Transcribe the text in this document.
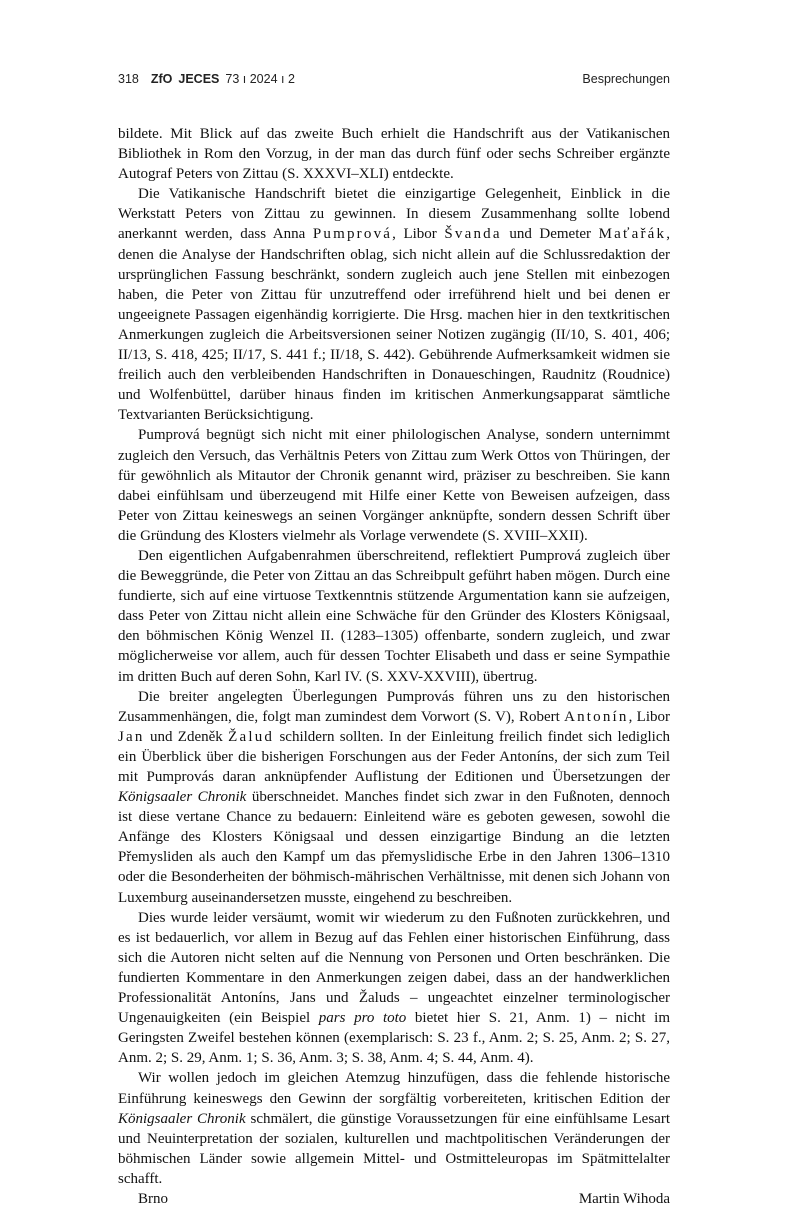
318 ZfO JECES 73 ı 2024 ı 2	Besprechungen

bildete. Mit Blick auf das zweite Buch erhielt die Handschrift aus der Vatikanischen Bibliothek in Rom den Vorzug, in der man das durch fünf oder sechs Schreiber ergänzte Autograf Peters von Zittau (S. XXXVI–XLI) entdeckte.

Die Vatikanische Handschrift bietet die einzigartige Gelegenheit, Einblick in die Werkstatt Peters von Zittau zu gewinnen. In diesem Zusammenhang sollte lobend anerkannt werden, dass Anna Pumprová, Libor Švanda und Demeter Maťařák, denen die Analyse der Handschriften oblag, sich nicht allein auf die Schlussredaktion der ursprünglichen Fassung beschränkt, sondern zugleich auch jene Stellen mit einbezogen haben, die Peter von Zittau für unzutreffend oder irreführend hielt und bei denen er ungeeignete Passagen eigenhändig korrigierte. Die Hrsg. machen hier in den textkritischen Anmerkungen zugleich die Arbeitsversionen seiner Notizen zugängig (II/10, S. 401, 406; II/13, S. 418, 425; II/17, S. 441 f.; II/18, S. 442). Gebührende Aufmerksamkeit widmen sie freilich auch den verbleibenden Handschriften in Donaueschingen, Raudnitz (Roudnice) und Wolfenbüttel, darüber hinaus finden im kritischen Anmerkungsapparat sämtliche Textvarianten Berücksichtigung.

Pumprová begnügt sich nicht mit einer philologischen Analyse, sondern unternimmt zugleich den Versuch, das Verhältnis Peters von Zittau zum Werk Ottos von Thüringen, der für gewöhnlich als Mitautor der Chronik genannt wird, präziser zu beschreiben. Sie kann dabei einfühlsam und überzeugend mit Hilfe einer Kette von Beweisen aufzeigen, dass Peter von Zittau keineswegs an seinen Vorgänger anknüpfte, sondern dessen Schrift über die Gründung des Klosters vielmehr als Vorlage verwendete (S. XVIII–XXII).

Den eigentlichen Aufgabenrahmen überschreitend, reflektiert Pumprová zugleich über die Beweggründe, die Peter von Zittau an das Schreibpult geführt haben mögen. Durch eine fundierte, sich auf eine virtuose Textkenntnis stützende Argumentation kann sie aufzeigen, dass Peter von Zittau nicht allein eine Schwäche für den Gründer des Klosters Königsaal, den böhmischen König Wenzel II. (1283–1305) offenbarte, sondern zugleich, und zwar möglicherweise vor allem, auch für dessen Tochter Elisabeth und dass er seine Sympathie im dritten Buch auf deren Sohn, Karl IV. (S. XXV-XXVIII), übertrug.

Die breiter angelegten Überlegungen Pumprovás führen uns zu den historischen Zusammenhängen, die, folgt man zumindest dem Vorwort (S. V), Robert Antonín, Libor Jan und Zdeněk Žalud schildern sollten. In der Einleitung freilich findet sich lediglich ein Überblick über die bisherigen Forschungen aus der Feder Antoníns, der sich zum Teil mit Pumprovás daran anknüpfender Auflistung der Editionen und Übersetzungen der Königsaaler Chronik überschneidet. Manches findet sich zwar in den Fußnoten, dennoch ist diese vertane Chance zu bedauern: Einleitend wäre es geboten gewesen, sowohl die Anfänge des Klosters Königsaal und dessen einzigartige Bindung an die letzten Přemysliden als auch den Kampf um das přemyslidische Erbe in den Jahren 1306–1310 oder die Besonderheiten der böhmisch-mährischen Verhältnisse, mit denen sich Johann von Luxemburg auseinandersetzen musste, eingehend zu beschreiben.

Dies wurde leider versäumt, womit wir wiederum zu den Fußnoten zurückkehren, und es ist bedauerlich, vor allem in Bezug auf das Fehlen einer historischen Einführung, dass sich die Autoren nicht selten auf die Nennung von Personen und Orten beschränken. Die fundierten Kommentare in den Anmerkungen zeigen dabei, dass an der handwerklichen Professionalität Antoníns, Jans und Žaluds – ungeachtet einzelner terminologischer Ungenauigkeiten (ein Beispiel pars pro toto bietet hier S. 21, Anm. 1) – nicht im Geringsten Zweifel bestehen können (exemplarisch: S. 23 f., Anm. 2; S. 25, Anm. 2; S. 27, Anm. 2; S. 29, Anm. 1; S. 36, Anm. 3; S. 38, Anm. 4; S. 44, Anm. 4).

Wir wollen jedoch im gleichen Atemzug hinzufügen, dass die fehlende historische Einführung keineswegs den Gewinn der sorgfältig vorbereiteten, kritischen Edition der Königsaaler Chronik schmälert, die günstige Voraussetzungen für eine einfühlsame Lesart und Neuinterpretation der sozialen, kulturellen und machtpolitischen Veränderungen der böhmischen Länder sowie allgemein Mittel- und Ostmitteleuropas im Spätmittelalter schafft.

Brno	Martin Wihoda
